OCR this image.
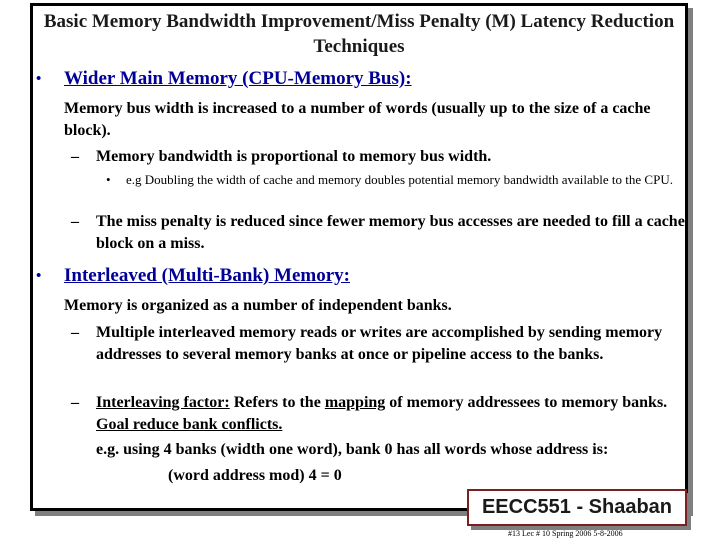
Basic Memory Bandwidth Improvement/Miss Penalty (M) Latency Reduction Techniques
• Wider Main Memory (CPU-Memory Bus):
Memory bus width is increased to a number of words (usually up to the size of a cache block).
– Memory bandwidth is proportional to memory bus width.
• e.g Doubling the width of cache and memory doubles potential memory bandwidth available to the CPU.
– The miss penalty is reduced since fewer memory bus accesses are needed to fill a cache block on a miss.
• Interleaved (Multi-Bank) Memory:
Memory is organized as a number of independent banks.
– Multiple interleaved memory reads or writes are accomplished by sending memory addresses to several memory banks at once or pipeline access to the banks.
– Interleaving factor: Refers to the mapping of memory addressees to memory banks. Goal reduce bank conflicts.
e.g. using 4 banks (width one word), bank 0 has all words whose address is:
(word address mod) 4 = 0
EECC551 - Shaaban
#13 Lec # 10 Spring 2006 5-8-2006
